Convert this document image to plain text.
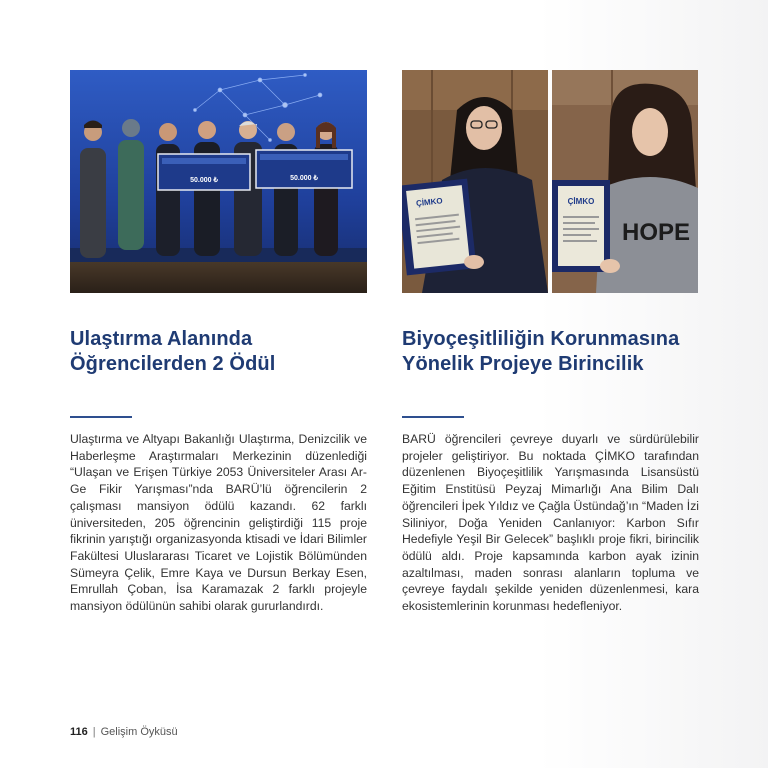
50.000 ₺	50.000 ₺
ÇİMKO
HOPE
ÇİMKO
Ulaştırma Alanında Öğrencilerden 2 Ödül

Ulaştırma ve Altyapı Bakanlığı Ulaştırma, Denizcilik ve Haberleşme Araştırmaları Merkezinin düzenlediği “Ulaşan ve Erişen Türkiye 2053 Üniversiteler Arası Ar-Ge Fikir Yarışması”nda BARÜ’lü öğrencilerin 2 çalışması mansiyon ödülü kazandı. 62 farklı üniversiteden, 205 öğrencinin geliştirdiği 115 proje fikrinin yarıştığı organizasyonda ktisadi ve İdari Bilimler Fakültesi Uluslararası Ticaret ve Lojistik Bölümünden Sümeyra Çelik, Emre Kaya ve Dursun Berkay Esen, Emrullah Çoban, İsa Karamazak 2 farklı projeyle mansiyon ödülünün sahibi olarak gururlandırdı.

Biyoçeşitliliğin Korunmasına Yönelik Projeye Birincilik

BARÜ öğrencileri çevreye duyarlı ve sürdürülebilir projeler geliştiriyor. Bu noktada ÇİMKO tarafından düzenlenen Biyoçeşitlilik Yarışmasında Lisansüstü Eğitim Enstitüsü Peyzaj Mimarlığı Ana Bilim Dalı öğrencileri İpek Yıldız ve Çağla Üstündağ’ın “Maden İzi Siliniyor, Doğa Yeniden Canlanıyor: Karbon Sıfır Hedefiyle Yeşil Bir Gelecek” başlıklı proje fikri, birincilik ödülü aldı. Proje kapsamında karbon ayak izinin azaltılması, maden sonrası alanların topluma ve çevreye faydalı şekilde yeniden düzenlenmesi, kara ekosistemlerinin korunması hedefleniyor.

116 | Gelişim Öyküsü
